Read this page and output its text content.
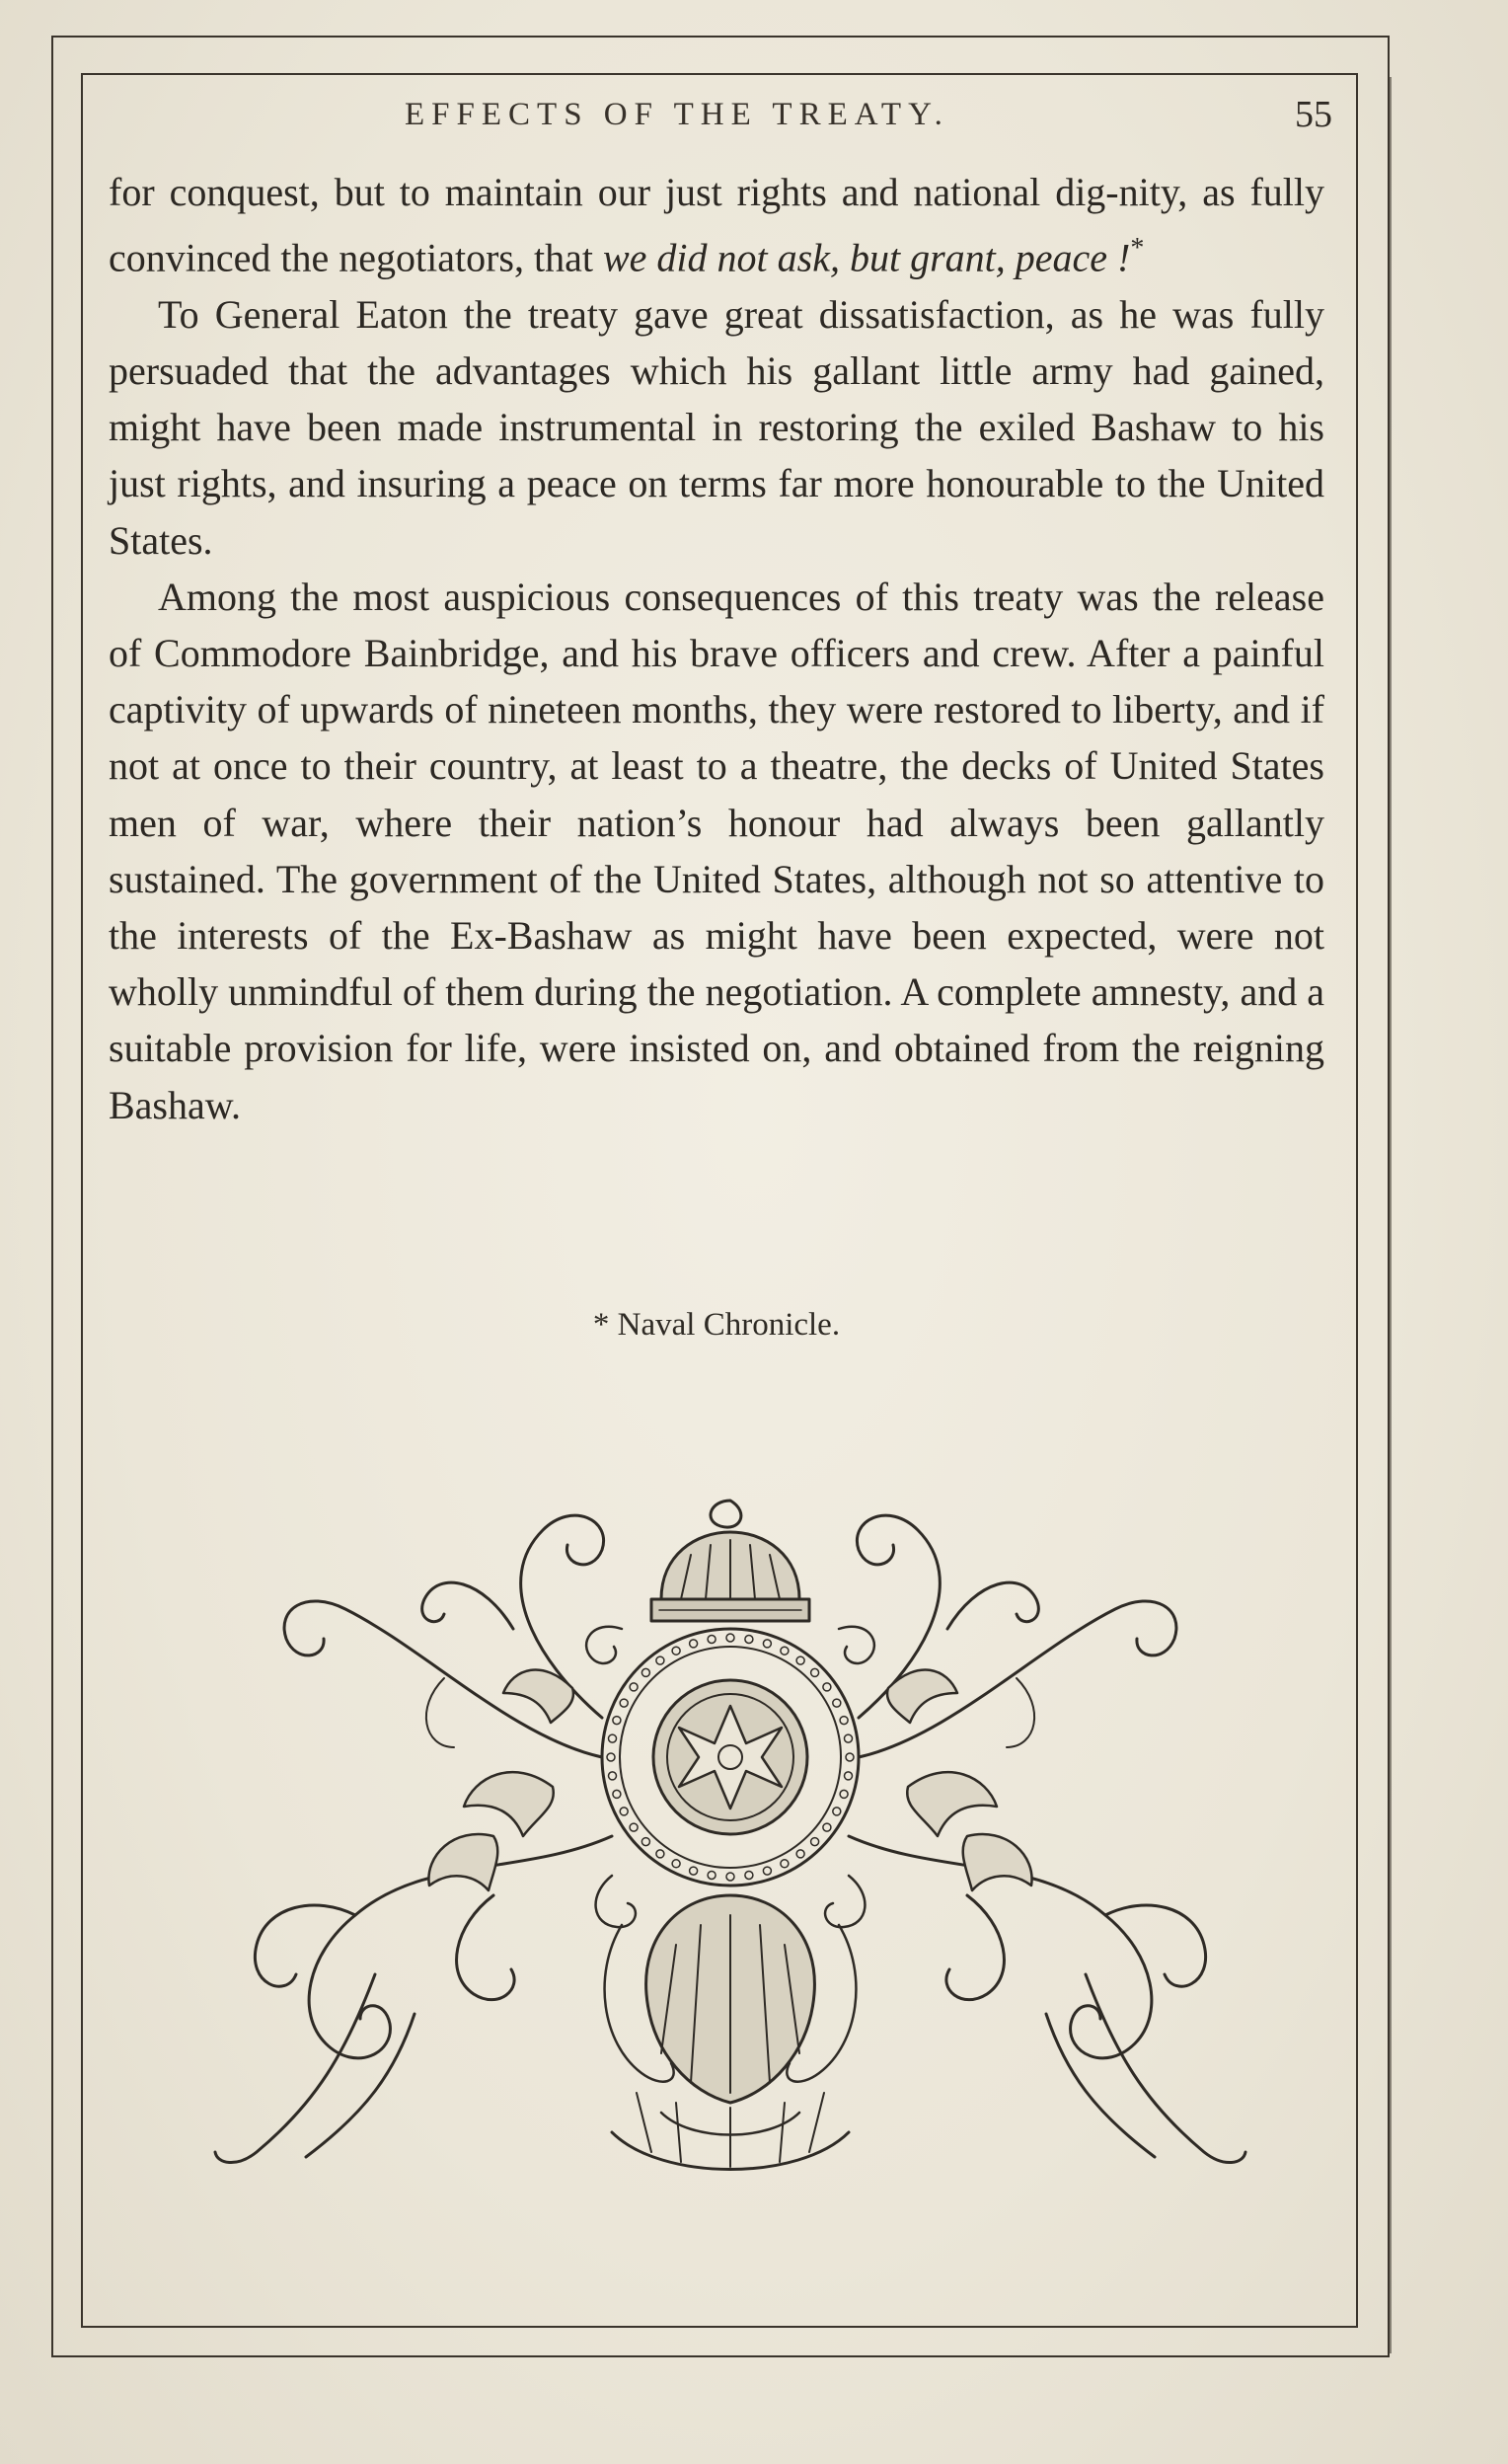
EFFECTS OF THE TREATY.	55

for conquest, but to maintain our just rights and national dig-nity, as fully convinced the negotiators, that we did not ask, but grant, peace !*

To General Eaton the treaty gave great dissatisfaction, as he was fully persuaded that the advantages which his gallant little army had gained, might have been made instrumental in restoring the exiled Bashaw to his just rights, and insuring a peace on terms far more honourable to the United States.

Among the most auspicious consequences of this treaty was the release of Commodore Bainbridge, and his brave officers and crew. After a painful captivity of upwards of nineteen months, they were restored to liberty, and if not at once to their country, at least to a theatre, the decks of United States men of war, where their nation’s honour had always been gallantly sustained. The government of the United States, although not so attentive to the interests of the Ex-Bashaw as might have been expected, were not wholly unmindful of them during the negotiation. A complete amnesty, and a suitable provision for life, were insisted on, and obtained from the reigning Bashaw.

* Naval Chronicle.
